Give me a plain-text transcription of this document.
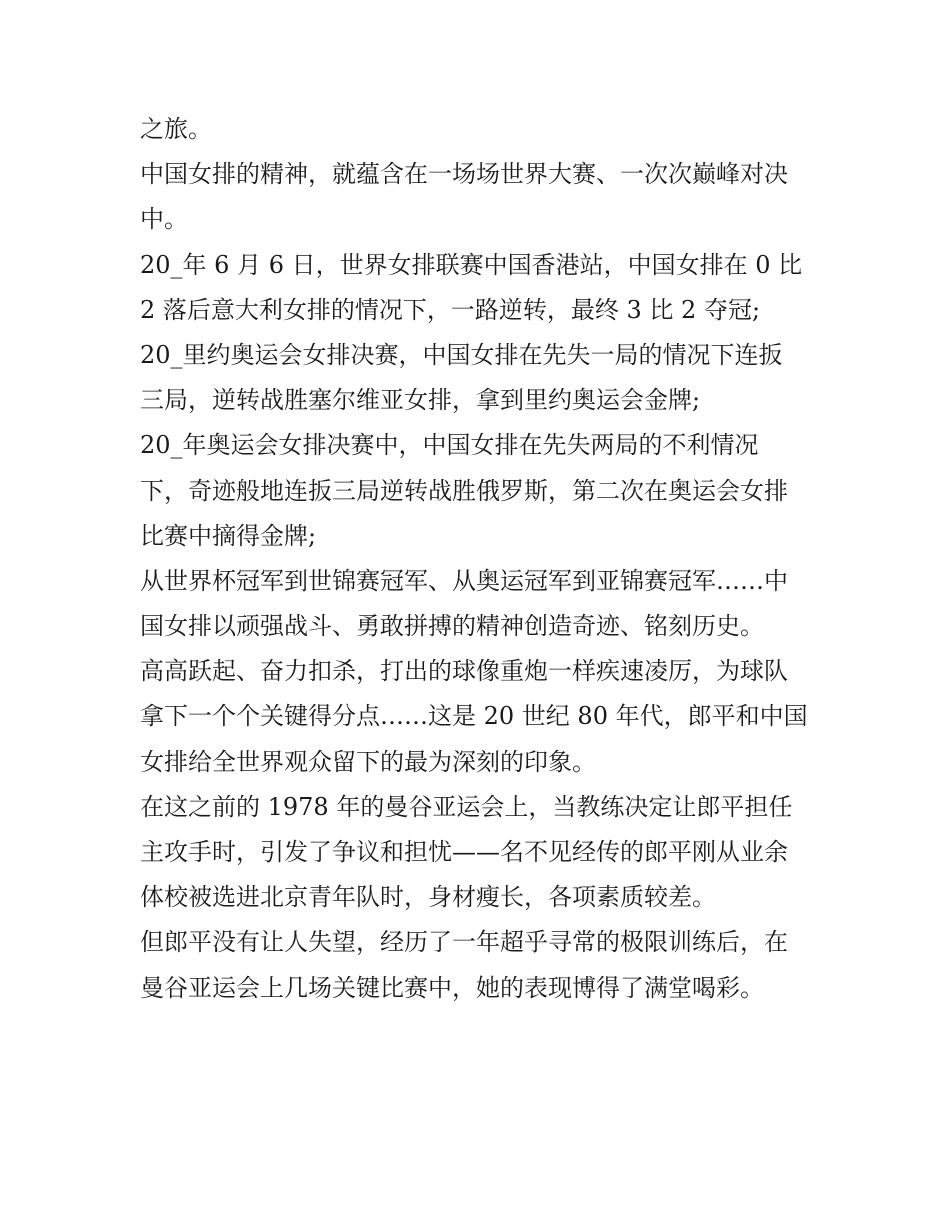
之旅。
中国女排的精神，就蕴含在一场场世界大赛、一次次巅峰对决
中。
20_年 6 月 6 日，世界女排联赛中国香港站，中国女排在 0 比
2 落后意大利女排的情况下，一路逆转，最终 3 比 2 夺冠;
20_里约奥运会女排决赛，中国女排在先失一局的情况下连扳
三局，逆转战胜塞尔维亚女排，拿到里约奥运会金牌;
20_年奥运会女排决赛中，中国女排在先失两局的不利情况
下，奇迹般地连扳三局逆转战胜俄罗斯，第二次在奥运会女排
比赛中摘得金牌;
从世界杯冠军到世锦赛冠军、从奥运冠军到亚锦赛冠军……中
国女排以顽强战斗、勇敢拼搏的精神创造奇迹、铭刻历史。
高高跃起、奋力扣杀，打出的球像重炮一样疾速凌厉，为球队
拿下一个个关键得分点……这是 20 世纪 80 年代，郎平和中国
女排给全世界观众留下的最为深刻的印象。
在这之前的 1978 年的曼谷亚运会上，当教练决定让郎平担任
主攻手时，引发了争议和担忧——名不见经传的郎平刚从业余
体校被选进北京青年队时，身材瘦长，各项素质较差。
但郎平没有让人失望，经历了一年超乎寻常的极限训练后，在
曼谷亚运会上几场关键比赛中，她的表现博得了满堂喝彩。
